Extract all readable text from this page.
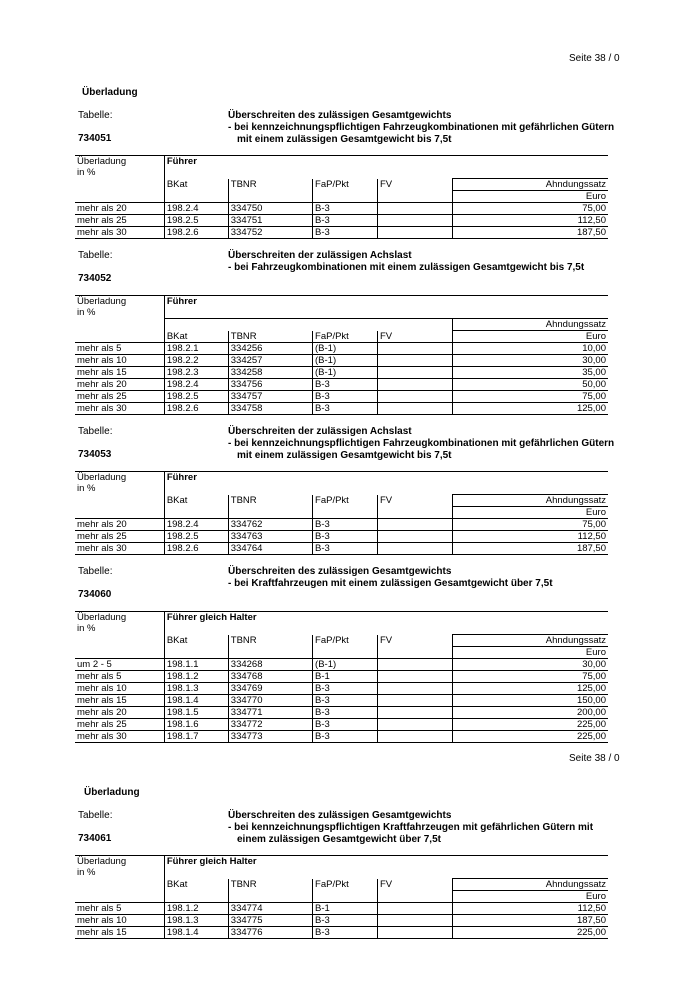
Seite 38 / 0
Überladung
Tabelle:
734051
Überschreiten des zulässigen Gesamtgewichts
- bei kennzeichnungspflichtigen Fahrzeugkombinationen mit gefährlichen Gütern
mit einem zulässigen Gesamtgewicht bis 7,5t
Überladung	Führer				
in %					
	BKat	TBNR	FaP/Pkt	FV	Ahndungssatz
					Euro
mehr als 20	198.2.4	334750	B-3		75,00
mehr als 25	198.2.5	334751	B-3		112,50
mehr als 30	198.2.6	334752	B-3		187,50
Tabelle:
734052
Überschreiten der zulässigen Achslast
- bei Fahrzeugkombinationen mit einem zulässigen Gesamtgewicht bis 7,5t
Überladung	Führer				
in %					
					Ahndungssatz
	BKat	TBNR	FaP/Pkt	FV	Euro
mehr als 5	198.2.1	334256	(B-1)		10,00
mehr als 10	198.2.2	334257	(B-1)		30,00
mehr als 15	198.2.3	334258	(B-1)		35,00
mehr als 20	198.2.4	334756	B-3		50,00
mehr als 25	198.2.5	334757	B-3		75,00
mehr als 30	198.2.6	334758	B-3		125,00
Tabelle:
734053
Überschreiten der zulässigen Achslast
- bei kennzeichnungspflichtigen Fahrzeugkombinationen mit gefährlichen Gütern
mit einem zulässigen Gesamtgewicht bis 7,5t
Überladung	Führer				
in %					
	BKat	TBNR	FaP/Pkt	FV	Ahndungssatz
					Euro
mehr als 20	198.2.4	334762	B-3		75,00
mehr als 25	198.2.5	334763	B-3		112,50
mehr als 30	198.2.6	334764	B-3		187,50
Tabelle:
734060
Überschreiten des zulässigen Gesamtgewichts
- bei Kraftfahrzeugen mit einem zulässigen Gesamtgewicht über 7,5t
Überladung	Führer gleich Halter				
in %					
	BKat	TBNR	FaP/Pkt	FV	Ahndungssatz
					Euro
um 2 - 5	198.1.1	334268	(B-1)		30,00
mehr als 5	198.1.2	334768	B-1		75,00
mehr als 10	198.1.3	334769	B-3		125,00
mehr als 15	198.1.4	334770	B-3		150,00
mehr als 20	198.1.5	334771	B-3		200,00
mehr als 25	198.1.6	334772	B-3		225,00
mehr als 30	198.1.7	334773	B-3		225,00
Seite 38 / 0
Überladung
Tabelle:
734061
Überschreiten des zulässigen Gesamtgewichts
- bei kennzeichnungspflichtigen Kraftfahrzeugen mit gefährlichen Gütern mit
einem zulässigen Gesamtgewicht über 7,5t
Überladung	Führer gleich Halter				
in %					
	BKat	TBNR	FaP/Pkt	FV	Ahndungssatz
					Euro
mehr als 5	198.1.2	334774	B-1		112,50
mehr als 10	198.1.3	334775	B-3		187,50
mehr als 15	198.1.4	334776	B-3		225,00
